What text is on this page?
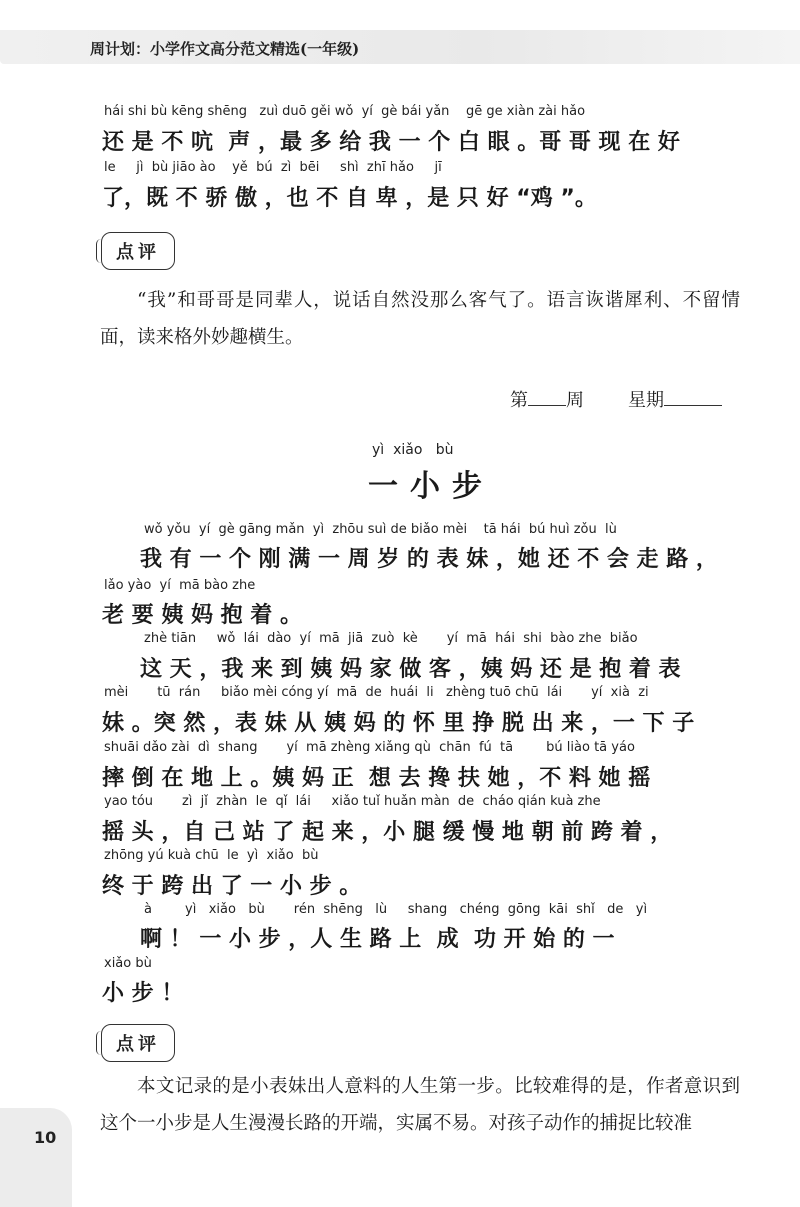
周计划：小学作文高分范文精选(一年级)
hái shi bù kēng shēng   zuì duō gěi wǒ  yí  gè bái yǎn    gē ge xiàn zài hǎo
还 是 不 吭  声 ，最 多 给 我 一 个 白 眼 。哥 哥 现 在 好
le     jì  bù jiāo ào    yě  bú  zì  bēi     shì  zhī hǎo     jī
了，既 不 骄 傲 ，也 不 自 卑 ，是 只 好 “鸡 ”。
点评

“我”和哥哥是同辈人，说话自然没那么客气了。语言诙谐犀利、不留情面，读来格外妙趣横生。

第 周 星期
yì  xiǎo   bù
一小步
wǒ yǒu  yí  gè gāng mǎn  yì  zhōu suì de biǎo mèi    tā hái  bú huì zǒu  lù
我 有 一 个 刚 满 一 周 岁 的 表 妹 ，她 还 不 会 走 路 ，
lǎo yào  yí  mā bào zhe
老 要 姨 妈 抱 着 。
zhè tiān     wǒ  lái  dào  yí  mā  jiā  zuò  kè       yí  mā  hái  shi  bào zhe  biǎo
这 天 ，我 来 到 姨 妈 家 做 客 ，姨 妈 还 是 抱 着 表
mèi       tū  rán     biǎo mèi cóng yí  mā  de  huái  li   zhèng tuō chū  lái       yí  xià  zi
妹 。突 然 ，表 妹 从 姨 妈 的 怀 里 挣 脱 出 来 ，一 下 子
shuāi dǎo zài  dì  shang       yí  mā zhèng xiǎng qù  chān  fú  tā        bú liào tā yáo
摔 倒 在 地 上 。姨 妈 正  想 去 搀 扶 她 ，不 料 她 摇
yao tóu       zì  jǐ  zhàn  le  qǐ  lái     xiǎo tuǐ huǎn màn  de  cháo qián kuà zhe
摇 头 ，自 己 站 了 起 来 ，小 腿 缓 慢 地 朝 前 跨 着 ，
zhōng yú kuà chū  le  yì  xiǎo  bù
终 于 跨 出 了 一 小 步 。
à        yì   xiǎo   bù       rén  shēng   lù     shang   chéng  gōng  kāi  shǐ   de   yì
啊 ！ 一 小 步 ，人 生 路 上  成  功 开 始 的 一
xiǎo bù
小 步 ！
点评

本文记录的是小表妹出人意料的人生第一步。比较难得的是，作者意识到这个一小步是人生漫漫长路的开端，实属不易。对孩子动作的捕捉比较准

10
